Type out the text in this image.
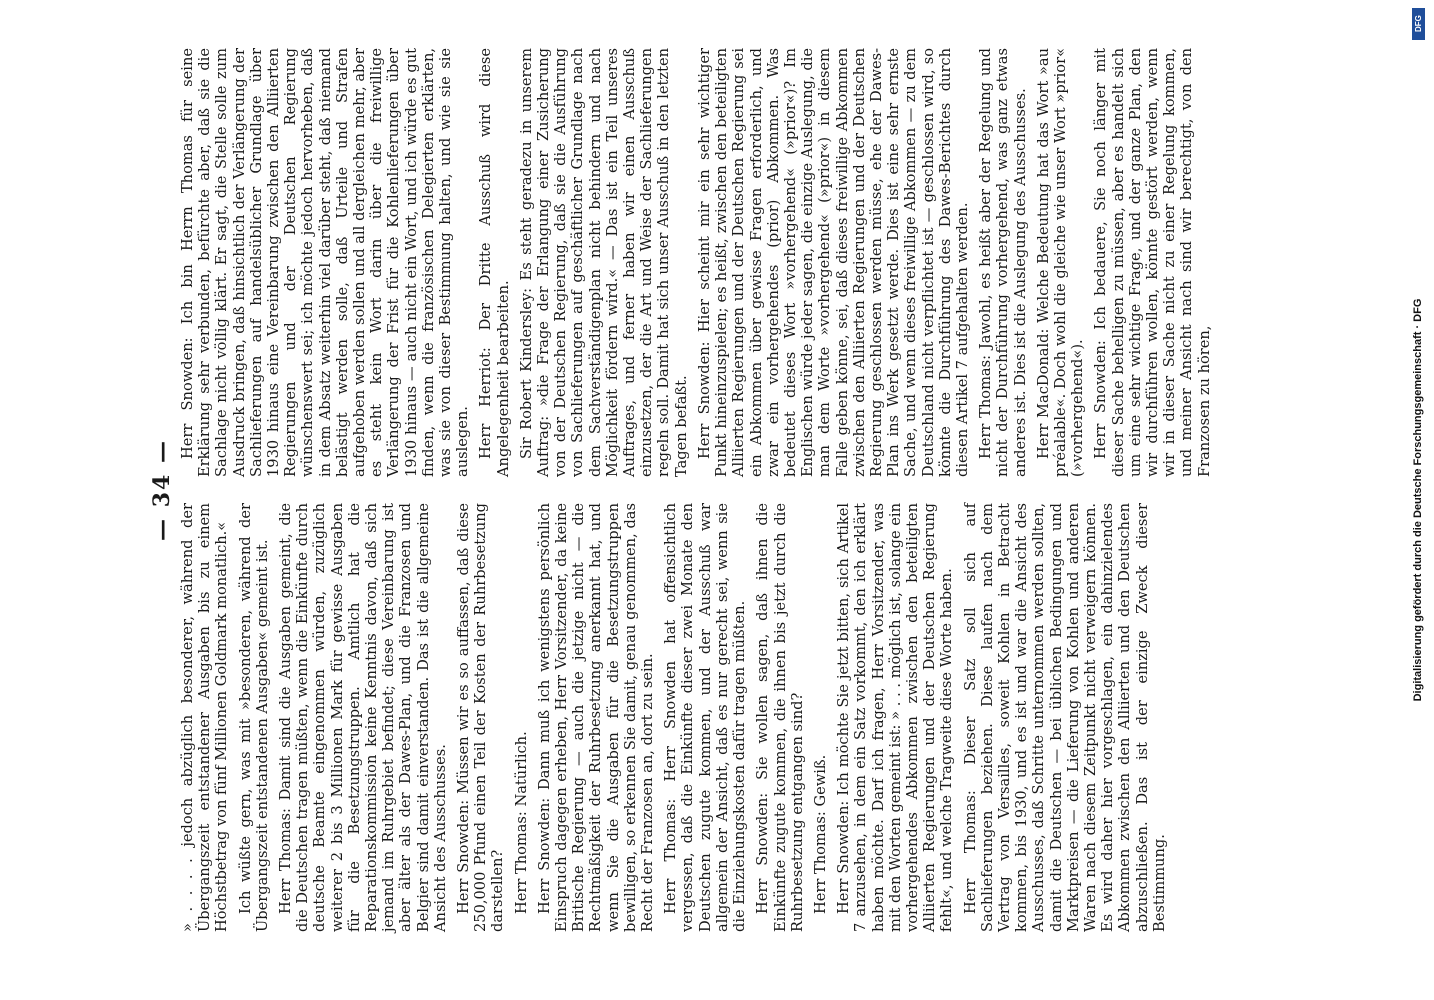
— 34 —

» . . . . jedoch abzüglich besonderer, während der Übergangszeit entstandener Ausgaben bis zu einem Höchstbetrag von fünf Millionen Goldmark monatlich.« Ich wüßte gern, was mit »besonderen, während der Übergangszeit entstandenen Ausgaben« gemeint ist. Herr Thomas: Damit sind die Ausgaben gemeint, die die Deutschen tragen müßten, wenn die Einkünfte durch deutsche Beamte eingenommen würden, zuzüglich weiterer 2 bis 3 Millionen Mark für gewisse Ausgaben für die Besetzungstruppen. Amtlich hat die Reparationskommission keine Kenntnis davon, daß sich jemand im Ruhrgebiet befindet; diese Vereinbarung ist aber älter als der Dawes-Plan, und die Franzosen und Belgier sind damit einverstanden. Das ist die allgemeine Ansicht des Ausschusses. Herr Snowden: Müssen wir es so auffassen, daß diese 250,000 Pfund einen Teil der Kosten der Ruhrbesetzung darstellen? Herr Thomas: Natürlich. Herr Snowden: Dann muß ich wenigstens persönlich Einspruch dagegen erheben, Herr Vorsitzender, da keine Britische Regierung — auch die jetzige nicht — die Rechtmäßigkeit der Ruhrbesetzung anerkannt hat, und wenn Sie die Ausgaben für die Besetzungstruppen bewilligen, so erkennen Sie damit, genau genommen, das Recht der Franzosen an, dort zu sein. Herr Thomas: Herr Snowden hat offensichtlich vergessen, daß die Einkünfte dieser zwei Monate den Deutschen zugute kommen, und der Ausschuß war allgemein der Ansicht, daß es nur gerecht sei, wenn sie die Einziehungskosten dafür tragen müßten. Herr Snowden: Sie wollen sagen, daß ihnen die Einkünfte zugute kommen, die ihnen bis jetzt durch die Ruhrbesetzung entgangen sind? Herr Thomas: Gewiß. Herr Snowden: Ich möchte Sie jetzt bitten, sich Artikel 7 anzusehen, in dem ein Satz vorkommt, den ich erklärt haben möchte. Darf ich fragen, Herr Vorsitzender, was mit den Worten gemeint ist: » . . . möglich ist, solange ein vorhergehendes Abkommen zwischen den beteiligten Alliierten Regierungen und der Deutschen Regierung fehlt«, und welche Tragweite diese Worte haben. Herr Thomas: Dieser Satz soll sich auf Sachlieferungen beziehen. Diese laufen nach dem Vertrag von Versailles, soweit Kohlen in Betracht kommen, bis 1930, und es ist und war die Ansicht des Ausschusses, daß Schritte unternommen werden sollten, damit die Deutschen — bei üblichen Bedingungen und Marktpreisen — die Lieferung von Kohlen und anderen Waren nach diesem Zeitpunkt nicht verweigern können. Es wird daher hier vorgeschlagen, ein dahinzielendes Abkommen zwischen den Alliierten und den Deutschen abzuschließen. Das ist der einzige Zweck dieser Bestimmung.

Herr Snowden: Ich bin Herrn Thomas für seine Erklärung sehr verbunden, befürchte aber, daß sie die Sachlage nicht völlig klärt. Er sagt, die Stelle solle zum Ausdruck bringen, daß hinsichtlich der Verlängerung der Sachlieferungen auf handelsüblicher Grundlage über 1930 hinaus eine Vereinbarung zwischen den Alliierten Regierungen und der Deutschen Regierung wünschenswert sei; ich möchte jedoch hervorheben, daß in dem Absatz weiterhin viel darüber steht, daß niemand belästigt werden solle, daß Urteile und Strafen aufgehoben werden sollen und all dergleichen mehr, aber es steht kein Wort darin über die freiwillige Verlängerung der Frist für die Kohlenlieferungen über 1930 hinaus — auch nicht ein Wort, und ich würde es gut finden, wenn die französischen Delegierten erklärten, was sie von dieser Bestimmung halten, und wie sie sie auslegen. Herr Herriot: Der Dritte Ausschuß wird diese Angelegenheit bearbeiten. Sir Robert Kindersley: Es steht geradezu in unserem Auftrag: »die Frage der Erlangung einer Zusicherung von der Deutschen Regierung, daß sie die Ausführung von Sachlieferungen auf geschäftlicher Grundlage nach dem Sachverständigenplan nicht behindern und nach Möglichkeit fördern wird.« — Das ist ein Teil unseres Auftrages, und ferner haben wir einen Ausschuß einzusetzen, der die Art und Weise der Sachlieferungen regeln soll. Damit hat sich unser Ausschuß in den letzten Tagen befaßt. Herr Snowden: Hier scheint mir ein sehr wichtiger Punkt hineinzuspielen; es heißt, zwischen den beteiligten Alliierten Regierungen und der Deutschen Regierung sei ein Abkommen über gewisse Fragen erforderlich, und zwar ein vorhergehendes (prior) Abkommen. Was bedeutet dieses Wort »vorhergehend« (»prior«)? Im Englischen würde jeder sagen, die einzige Auslegung, die man dem Worte »vorhergehend« (»prior«) in diesem Falle geben könne, sei, daß dieses freiwillige Abkommen zwischen den Alliierten Regierungen und der Deutschen Regierung geschlossen werden müsse, ehe der Dawes-Plan ins Werk gesetzt werde. Dies ist eine sehr ernste Sache, und wenn dieses freiwillige Abkommen — zu dem Deutschland nicht verpflichtet ist — geschlossen wird, so könnte die Durchführung des Dawes-Berichtes durch diesen Artikel 7 aufgehalten werden. Herr Thomas: Jawohl, es heißt aber der Regelung und nicht der Durchführung vorhergehend, was ganz etwas anderes ist. Dies ist die Auslegung des Ausschusses. Herr MacDonald: Welche Bedeutung hat das Wort »au préalable«. Doch wohl die gleiche wie unser Wort »prior« (»vorhergehend«). Herr Snowden: Ich bedauere, Sie noch länger mit dieser Sache behelligen zu müssen, aber es handelt sich um eine sehr wichtige Frage, und der ganze Plan, den wir durchführen wollen, könnte gestört werden, wenn wir in dieser Sache nicht zu einer Regelung kommen, und meiner Ansicht nach sind wir berechtigt, von den Franzosen zu hören,	Digitalisierung gefördert durch die Deutsche Forschungsgemeinschaft · DFG
DFG
